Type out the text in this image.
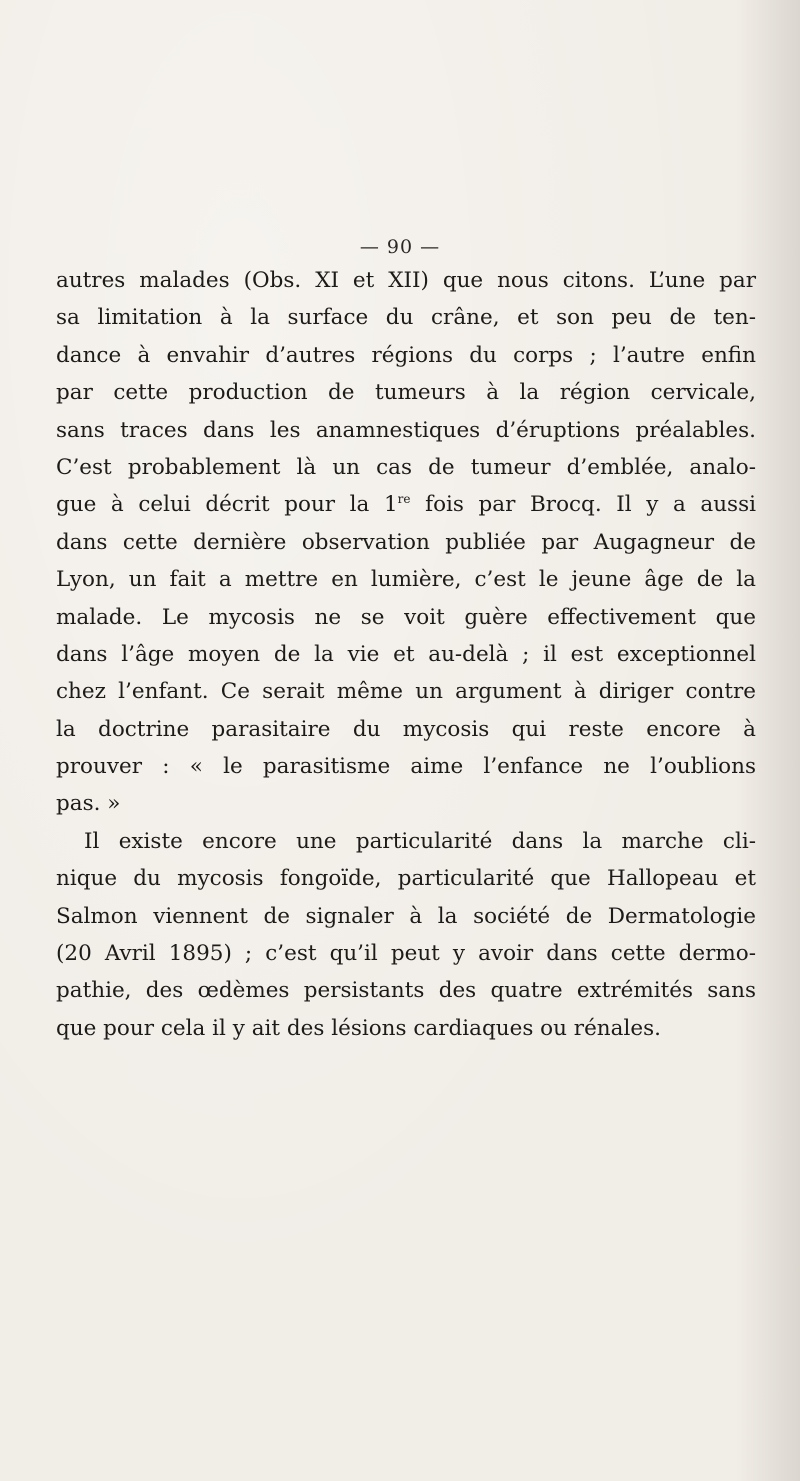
— 90 —
autres malades (Obs. XI et XII) que nous citons. L’une par
sa limitation à la surface du crâne, et son peu de ten-
dance à envahir d’autres régions du corps ; l’autre enfin
par cette production de tumeurs à la région cervicale,
sans traces dans les anamnestiques d’éruptions préalables.
C’est probablement là un cas de tumeur d’emblée, analo-
gue à celui décrit pour la 1re fois par Brocq. Il y a aussi
dans cette dernière observation publiée par Augagneur de
Lyon, un fait a mettre en lumière, c’est le jeune âge de la
malade. Le mycosis ne se voit guère effectivement que
dans l’âge moyen de la vie et au-delà ; il est exceptionnel
chez l’enfant. Ce serait même un argument à diriger contre
la doctrine parasitaire du mycosis qui reste encore à
prouver : « le parasitisme aime l’enfance ne l’oublions
pas. »
Il existe encore une particularité dans la marche cli-
nique du mycosis fongoïde, particularité que Hallopeau et
Salmon viennent de signaler à la société de Dermatologie
(20 Avril 1895) ; c’est qu’il peut y avoir dans cette dermo-
pathie, des œdèmes persistants des quatre extrémités sans
que pour cela il y ait des lésions cardiaques ou rénales.
